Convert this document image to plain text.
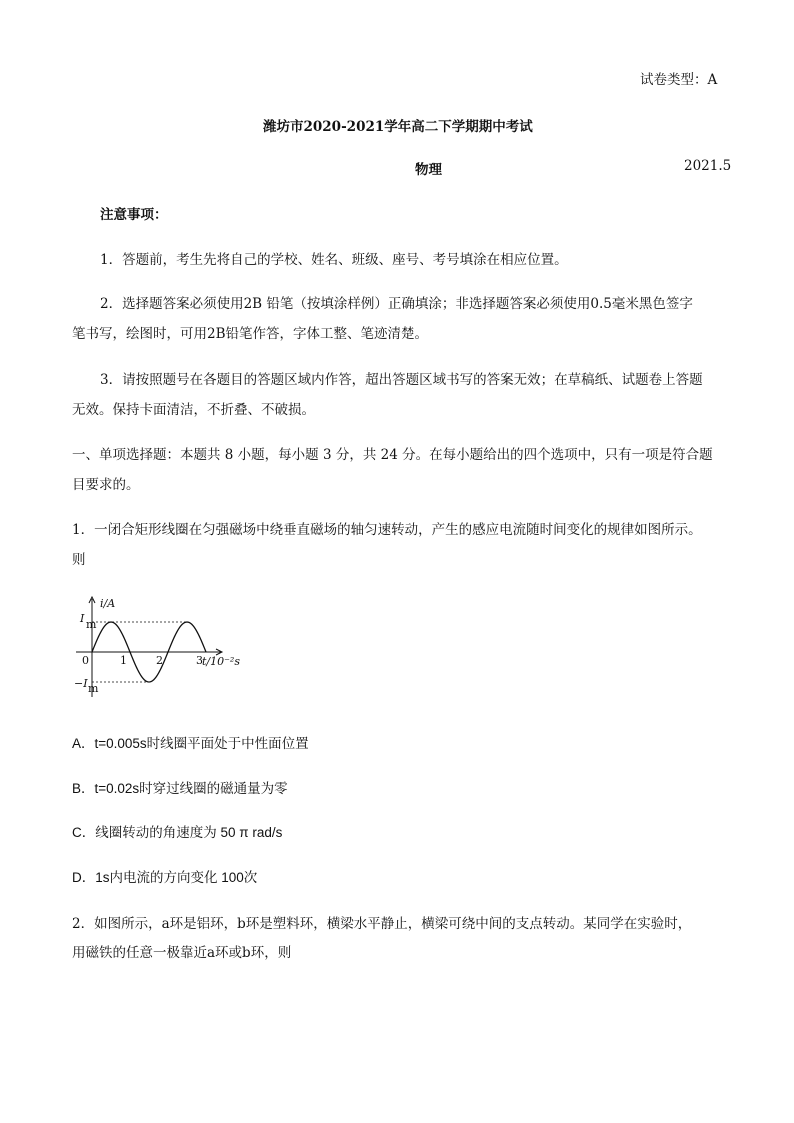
试卷类型：A
潍坊市2020-2021学年高二下学期期中考试
物理	2021.5
注意事项：
1．答题前，考生先将自己的学校、姓名、班级、座号、考号填涂在相应位置。
2．选择题答案必须使用2B 铅笔（按填涂样例）正确填涂；非选择题答案必须使用0.5毫米黑色签字
笔书写，绘图时，可用2B铅笔作答，字体工整、笔迹清楚。
3．请按照题号在各题目的答题区域内作答，超出答题区域书写的答案无效；在草稿纸、试题卷上答题
无效。保持卡面清洁，不折叠、不破损。
一、单项选择题：本题共 8 小题，每小题 3 分，共 24 分。在每小题给出的四个选项中，只有一项是符合题
目要求的。
1．一闭合矩形线圈在匀强磁场中绕垂直磁场的轴匀速转动，产生的感应电流随时间变化的规律如图所示。
则
i/A
t/10⁻²s
0	1	2	3
I m
−I m
A．t=0.005s时线圈平面处于中性面位置
B．t=0.02s时穿过线圈的磁通量为零
C．线圈转动的角速度为 50 π rad/s
D．1s内电流的方向变化 100次
2．如图所示，a环是铝环，b环是塑料环，横梁水平静止，横梁可绕中间的支点转动。某同学在实验时，
用磁铁的任意一极靠近a环或b环，则
